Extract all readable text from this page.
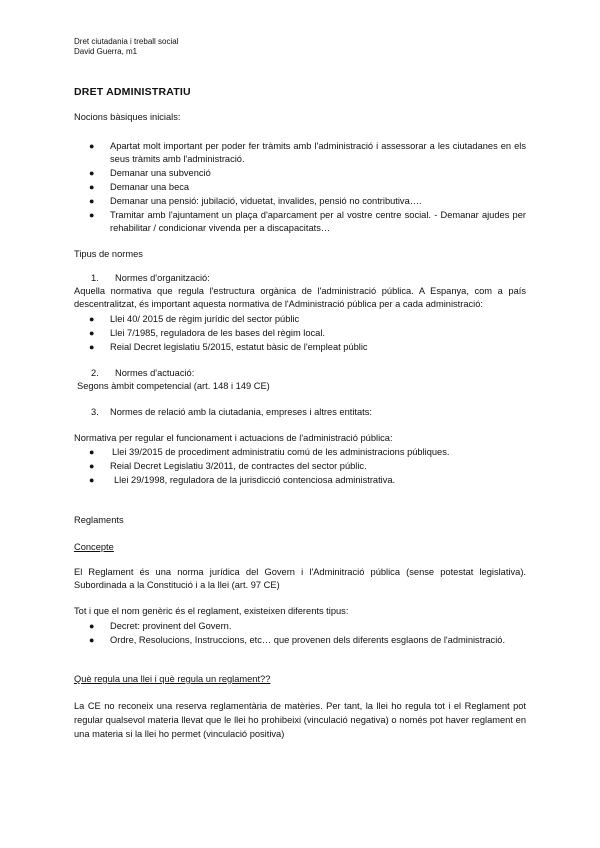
Dret ciutadania i treball social
David Guerra, m1
DRET ADMINISTRATIU
Nocions bàsiques inicials:
● Apartat molt important per poder fer tràmits amb l'administració i assessorar a les ciutadanes en els seus tràmits amb l'administració.
● Demanar una subvenció
● Demanar una beca
● Demanar una pensió: jubilació, viduetat, invalides, pensió no contributiva….
● Tramitar amb l'ajuntament un plaça d'aparcament per al vostre centre social. - Demanar ajudes per rehabilitar / condicionar vivenda per a discapacitats…
Tipus de normes
1. Normes d'organització:
Aquella normativa que regula l'estructura orgànica de l'administració pública. A Espanya, com a país descentralitzat, és important aquesta normativa de l'Administració pública per a cada administració:
● Llei 40/ 2015 de règim jurídic del sector públic
● Llei 7/1985, reguladora de les bases del règim local.
● Reial Decret legislatiu 5/2015, estatut bàsic de l'empleat públic
2. Normes d'actuació:
Segons àmbit competencial (art. 148 i 149 CE)
3. Normes de relació amb la ciutadania, empreses i altres entitats:
Normativa per regular el funcionament i actuacions de l'administració pública:
● Llei 39/2015 de procediment administratiu comú de les administracions públiques.
● Reial Decret Legislatiu 3/2011, de contractes del sector públic.
● Llei 29/1998, reguladora de la jurisdicció contenciosa administrativa.
Reglaments
Concepte
El Reglament és una norma jurídica del Govern i l'Adminitració pública (sense potestat legislativa). Subordinada a la Constitució i a la llei (art. 97 CE)
Tot i que el nom genèric és el reglament, existeixen diferents tipus:
● Decret: provinent del Govern.
● Ordre, Resolucions, Instruccions, etc… que provenen dels diferents esglaons de l'administració.
Què regula una llei i què regula un reglament??
La CE no reconeix una reserva reglamentària de matèries. Per tant, la llei ho regula tot i el Reglament pot regular qualsevol materia llevat que le llei ho prohibeixi (vinculació negativa) o només pot haver reglament en una materia si la llei ho permet (vinculació positiva)
